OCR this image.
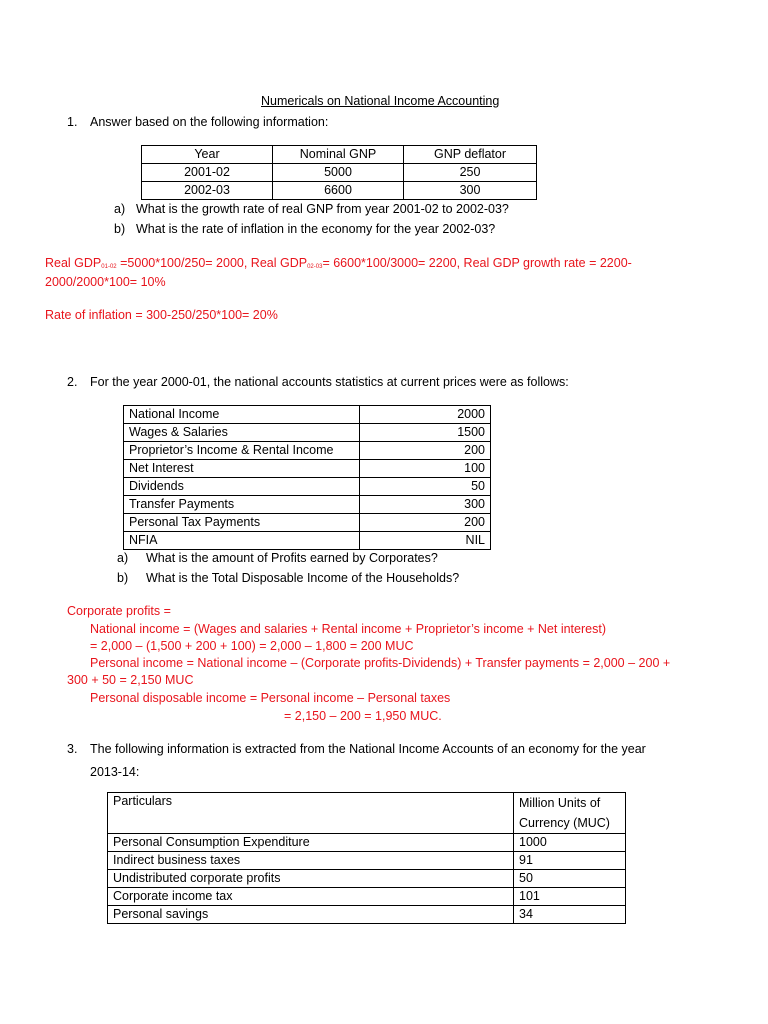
Numericals on National Income Accounting
1. Answer based on the following information:
Year	Nominal GNP	GNP deflator
2001-02	5000	250
2002-03	6600	300
a) What is the growth rate of real GNP from year 2001-02 to 2002-03?
b) What is the rate of inflation in the economy for the year 2002-03?
Real $GDP_{01-02} =5000*100/250= 2000$, Real $GDP_{02-03}= 6600*100/3000= 2200$, Real GDP growth rate = 2200-
2000/2000*100= 10%
Rate of inflation = 300-250/250*100= 20%
2. For the year 2000-01, the national accounts statistics at current prices were as follows:
National Income	2000
Wages & Salaries	1500
Proprietor’s Income & Rental Income	200
Net Interest	100
Dividends	50
Transfer Payments	300
Personal Tax Payments	200
NFIA	NIL
a) What is the amount of Profits earned by Corporates?
b) What is the Total Disposable Income of the Households?
Corporate profits =
National income = (Wages and salaries + Rental income + Proprietor’s income + Net interest)
= 2,000 – (1,500 + 200 + 100) = 2,000 – 1,800 = 200 MUC
Personal income = National income – (Corporate profits-Dividends) + Transfer payments = 2,000 – 200 +
300 + 50 = 2,150 MUC
Personal disposable income = Personal income – Personal taxes
= 2,150 – 200 = 1,950 MUC.
3. The following information is extracted from the National Income Accounts of an economy for the year
2013-14:
Particulars	Million Units of
Currency (MUC)
Personal Consumption Expenditure	1000
Indirect business taxes	91
Undistributed corporate profits	50
Corporate income tax	101
Personal savings	34
